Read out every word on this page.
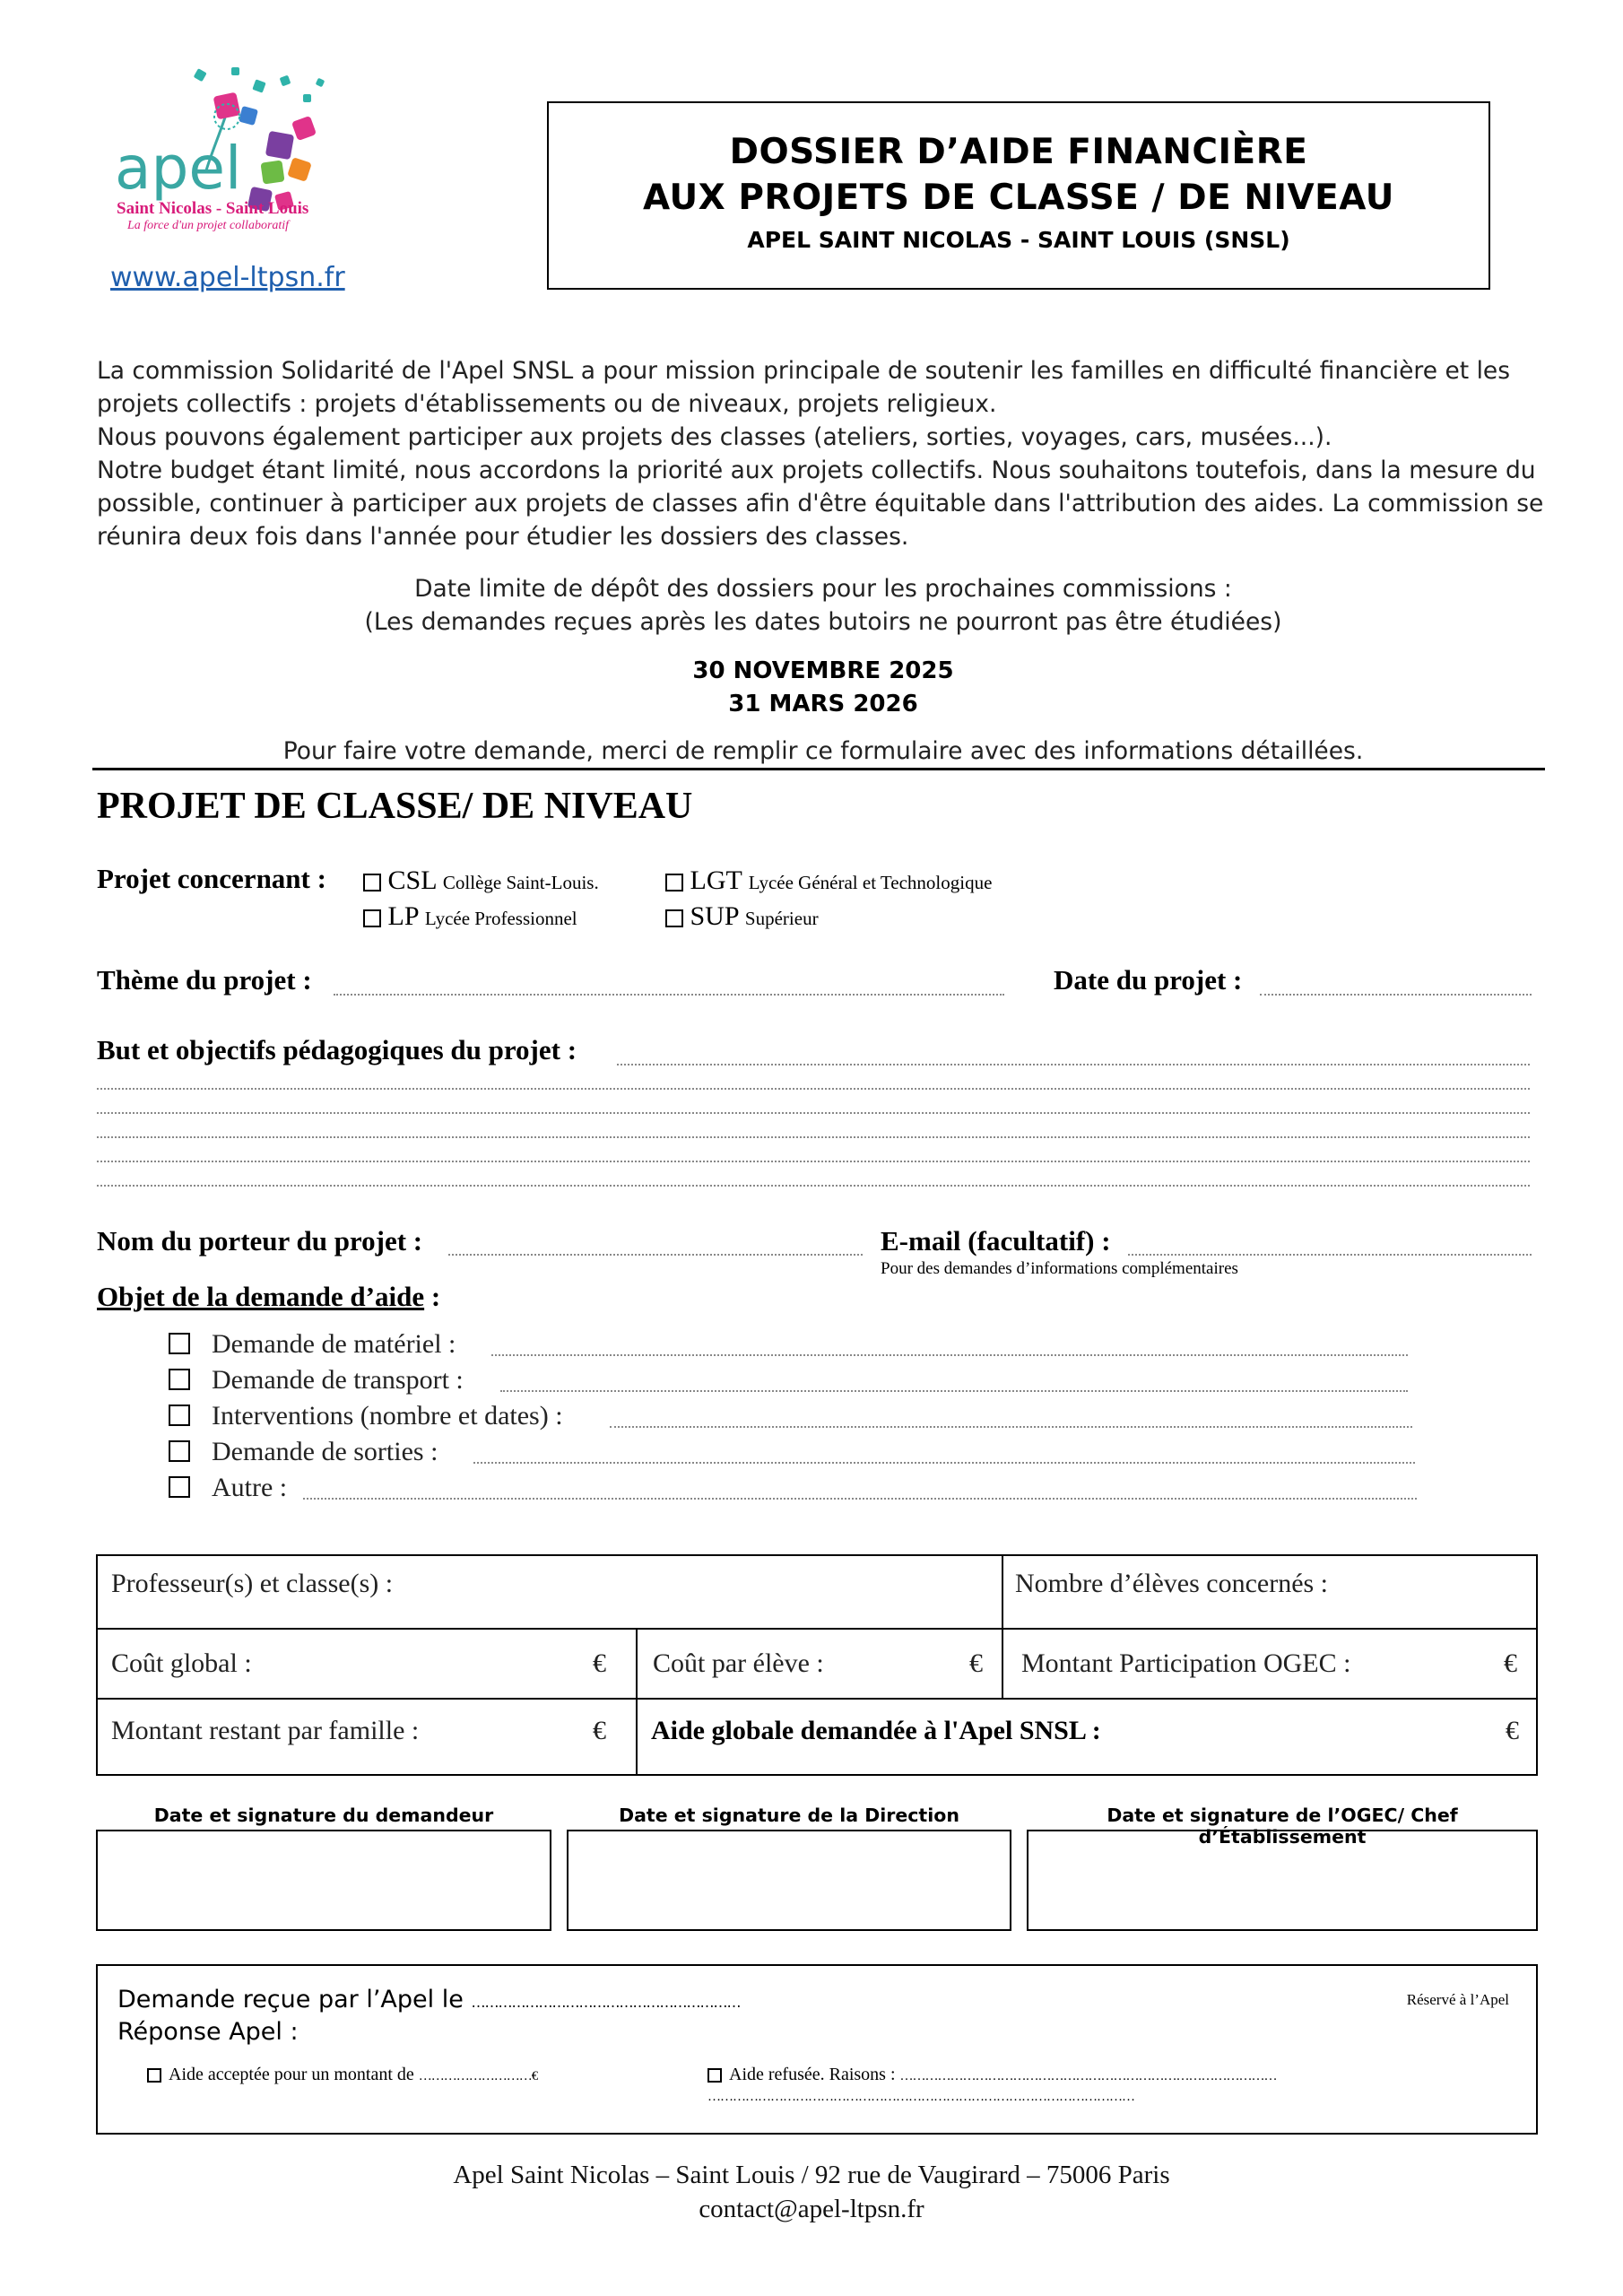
apel
Saint Nicolas - Saint Louis
La force d'un projet collaboratif
www.apel-ltpsn.fr
DOSSIER D’AIDE FINANCIÈRE
AUX PROJETS DE CLASSE / DE NIVEAU
APEL SAINT NICOLAS - SAINT LOUIS (SNSL)

La commission Solidarité de l'Apel SNSL a pour mission principale de soutenir les familles en difficulté financière et les projets collectifs : projets d'établissements ou de niveaux, projets religieux.

Nous pouvons également participer aux projets des classes (ateliers, sorties, voyages, cars, musées...).

Notre budget étant limité, nous accordons la priorité aux projets collectifs. Nous souhaitons toutefois, dans la mesure du possible, continuer à participer aux projets de classes afin d'être équitable dans l'attribution des aides. La commission se réunira deux fois dans l'année pour étudier les dossiers des classes.

Date limite de dépôt des dossiers pour les prochaines commissions :

(Les demandes reçues après les dates butoirs ne pourront pas être étudiées)

30 NOVEMBRE 2025

31 MARS 2026

Pour faire votre demande, merci de remplir ce formulaire avec des informations détaillées.
PROJET DE CLASSE/ DE NIVEAU
Projet concernant :	CSL Collège Saint-Louis.	LGT Lycée Général et Technologique
LP Lycée Professionnel	SUP Supérieur
Thème du projet :	Date du projet :
But et objectifs pédagogiques du projet :
Nom du porteur du projet :	E-mail (facultatif) :
Pour des demandes d’informations complémentaires
Objet de la demande d’aide :
Demande de matériel :
Demande de transport :
Interventions (nombre et dates) :
Demande de sorties :
Autre :
Professeur(s) et classe(s) :	Nombre d’élèves concernés :
Coût global :	€ Coût par élève :	€ Montant Participation OGEC :	€
Montant restant par famille :	€ Aide globale demandée à l'Apel SNSL :	€
Date et signature du demandeur	Date et signature de la Direction	Date et signature de l’OGEC/ Chef d’Établissement
Demande reçue par l’Apel le ……………………………………………………	Réservé à l’Apel
Réponse Apel :
Aide acceptée pour un montant de ………………………€	Aide refusée. Raisons : ………………………………………………………………………………
…………………………………………………………………………………………

Apel Saint Nicolas – Saint Louis / 92 rue de Vaugirard – 75006 Paris

contact@apel-ltpsn.fr
